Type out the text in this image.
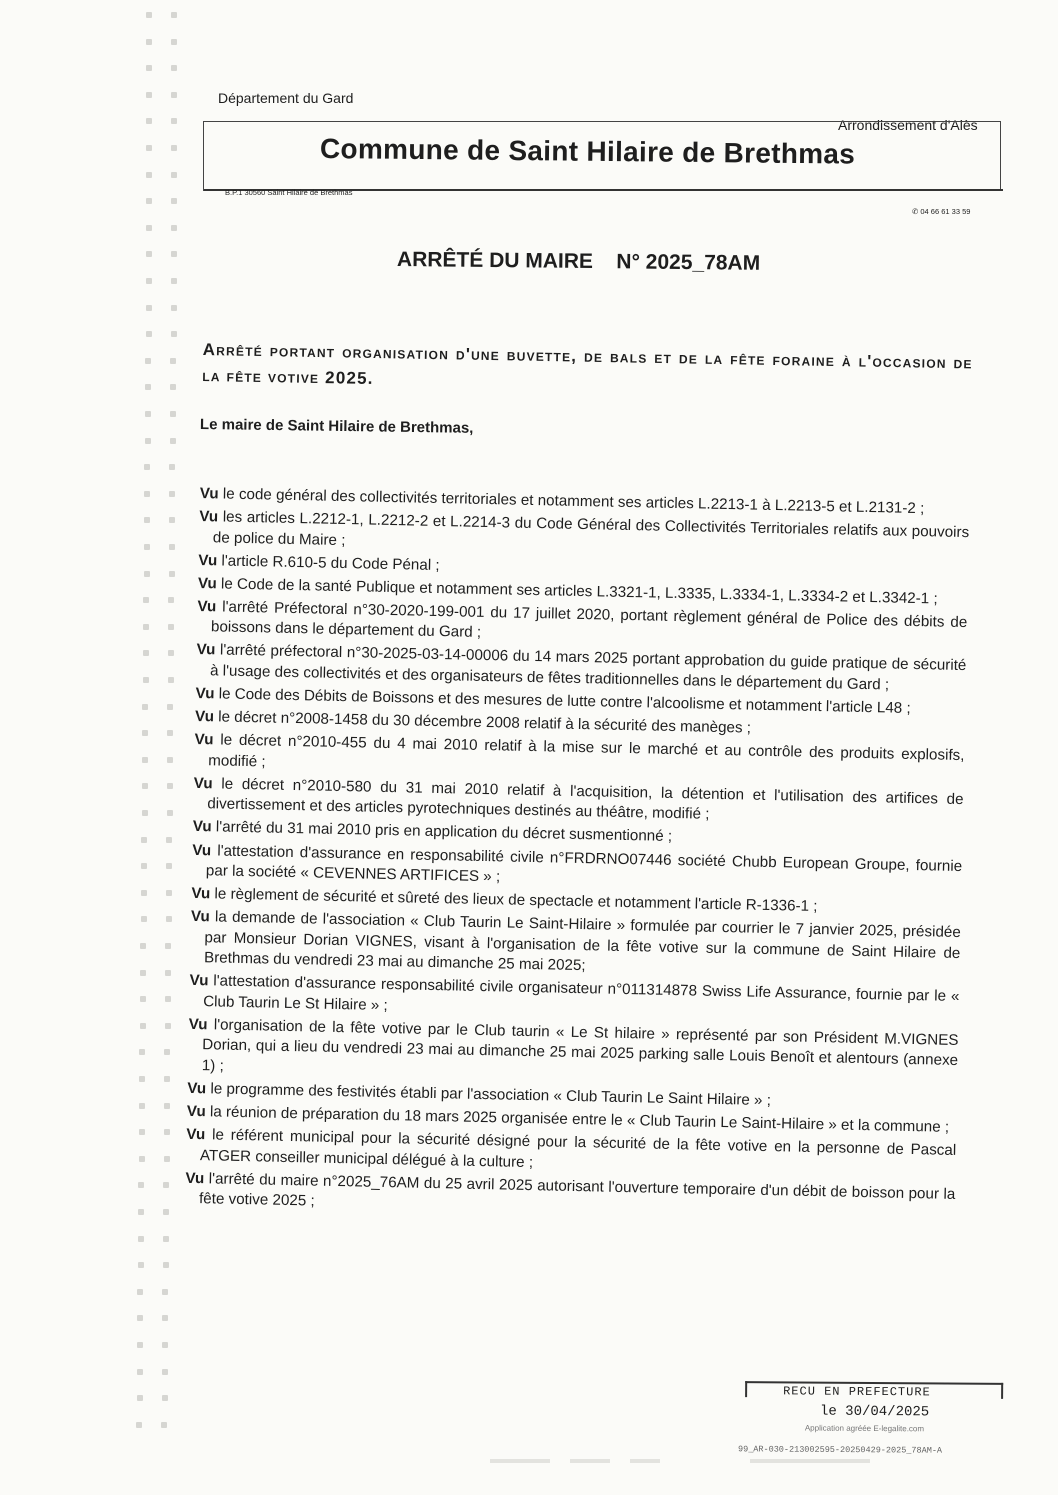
Département du Gard
Arrondissement d'Alès
Commune de Saint Hilaire de Brethmas
B.P.1 30560 Saint Hilaire de Brethmas
✆ 04 66 61 33 59
ARRÊTÉ DU MAIRE N° 2025_78AM
Arrêté portant organisation d'une buvette, de bals et de la fête foraine à l'occasion de la fête votive 2025.
Le maire de Saint Hilaire de Brethmas,
Vu le code général des collectivités territoriales et notamment ses articles L.2213-1 à L.2213-5 et L.2131-2 ;
Vu les articles L.2212-1, L.2212-2 et L.2214-3 du Code Général des Collectivités Territoriales relatifs aux pouvoirs de police du Maire ;
Vu l'article R.610-5 du Code Pénal ;
Vu le Code de la santé Publique et notamment ses articles L.3321-1, L.3335, L.3334-1, L.3334-2 et L.3342-1 ;
Vu l'arrêté Préfectoral n°30-2020-199-001 du 17 juillet 2020, portant règlement général de Police des débits de boissons dans le département du Gard ;
Vu l'arrêté préfectoral n°30-2025-03-14-00006 du 14 mars 2025 portant approbation du guide pratique de sécurité à l'usage des collectivités et des organisateurs de fêtes traditionnelles dans le département du Gard ;
Vu le Code des Débits de Boissons et des mesures de lutte contre l'alcoolisme et notamment l'article L48 ;
Vu le décret n°2008-1458 du 30 décembre 2008 relatif à la sécurité des manèges ;
Vu le décret n°2010-455 du 4 mai 2010 relatif à la mise sur le marché et au contrôle des produits explosifs, modifié ;
Vu le décret n°2010-580 du 31 mai 2010 relatif à l'acquisition, la détention et l'utilisation des artifices de divertissement et des articles pyrotechniques destinés au théâtre, modifié ;
Vu l'arrêté du 31 mai 2010 pris en application du décret susmentionné ;
Vu l'attestation d'assurance en responsabilité civile n°FRDRNO07446 société Chubb European Groupe, fournie par la société « CEVENNES ARTIFICES » ;
Vu le règlement de sécurité et sûreté des lieux de spectacle et notamment l'article R-1336-1 ;
Vu la demande de l'association « Club Taurin Le Saint-Hilaire » formulée par courrier le 7 janvier 2025, présidée par Monsieur Dorian VIGNES, visant à l'organisation de la fête votive sur la commune de Saint Hilaire de Brethmas du vendredi 23 mai au dimanche 25 mai 2025;
Vu l'attestation d'assurance responsabilité civile organisateur n°011314878 Swiss Life Assurance, fournie par le « Club Taurin Le St Hilaire » ;
Vu l'organisation de la fête votive par le Club taurin « Le St hilaire » représenté par son Président M.VIGNES Dorian, qui a lieu du vendredi 23 mai au dimanche 25 mai 2025 parking salle Louis Benoît et alentours (annexe 1) ;
Vu le programme des festivités établi par l'association « Club Taurin Le Saint Hilaire » ;
Vu la réunion de préparation du 18 mars 2025 organisée entre le « Club Taurin Le Saint-Hilaire » et la commune ;
Vu le référent municipal pour la sécurité désigné pour la sécurité de la fête votive en la personne de Pascal ATGER conseiller municipal délégué à la culture ;
Vu l'arrêté du maire n°2025_76AM du 25 avril 2025 autorisant l'ouverture temporaire d'un débit de boisson pour la fête votive 2025 ;
RECU EN PREFECTURE
le 30/04/2025
Application agréée E-legalite.com
99_AR-030-213002595-20250429-2025_78AM-A
